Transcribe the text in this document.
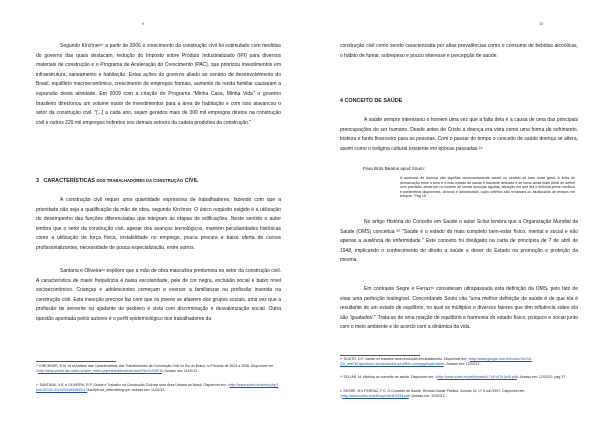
9

Segundo Kirchner²⁷ a partir de 2006 o crescimento da construção civil foi estimulado com medidas do governo das quais destacam, redução do Imposto sobre Produto Industrializado (IPI) para diversos materiais de construção e o Programa de Aceleração do Crescimento (PAC), que priorizou investimentos em infraestrutura, saneamento e habitação. Estas ações do governo aliado ao cenário de desenvolvimento do Brasil, equilíbrio macroeconômico, crescimento de empregos formais, aumento de renda familiar causaram a expansão desta atividade. Em 2009 com a criação do Programa "Minha Casa, Minha Vida" o governo brasileiro direcionou um volume maior de investimentos para a área de habitação e com isso alavancou o setor da construção civil. "[...] a cada ano, sejam gerados mais de 300 mil empregos diretos na construção civil e outros 229 mil empregos indiretos nos demais setores da cadeia produtiva da construção."

3 CARACTERÍSTICAS DOS TRABALHADORES DA CONSTRUÇÃO CIVIL

A construção civil requer uma quantidade expressiva de trabalhadores, fazendo com que a prioridade não seja a qualificação da mão de obra, segundo Kirchner. O único requisito exigido é a utilização do desempenho das funções diferenciadas que integram as etapas de edificações. Neste sentido o autor lembra que o setor da construção civil, apesar dos avanços tecnológicos, mantém peculiaridades históricas como a utilização de força física, instabilidade no emprego, pouca procura e baixa oferta de cursos profissionalizantes, necessidade de pouca especialização, entre outros.

Santana e Oliveira²⁸ expõem que a mão de obra masculina predomina no setor da construção civil. A característica de maior frequência é baixa escolaridade, pele de cor negra, exclusão social e baixo nível socioeconômico. Crianças e adolescentes começam a exercer a familiarizar na profissão inserida na construção civil. Esta inserção precoce faz com que os jovens se afastem dos grupos sociais, uma vez que a profissão de servente ou ajudante de pedreiro é vista com discriminação e desvalorização social. Outra questão apontada pelos autores é o perfil epidemiológico dos trabalhadores da

²⁷ KIRCHNER, R.M. et al Análise das Características dos Trabalhadores da Construção Civil no Sul do Brasil, no Período de 2003 a 2008. Disponível em: <http://www.portal.fae.unifra.br/seer_index.php/rebedub/article/view/File/3/26/875> Acesso em: 11/02/12.

²⁸ SANTANA, V.S; e OLIVEIRA, R.P. Saúde e Trabalho na Construção Civil em uma Área Urbana do Brasil. Disponível em: <http://www.scielo.br/scielo.php?pid=S0102-311X2004000300017&script=sci_arttext&tlng=pt> Acesso em: 11/02/12.

10

construção civil como sendo caracterizada por altas prevalências como o consumo de bebidas alcoólicas, o hábito de fumar, sobrepeso e pouco interesse e percepção de saúde.

4 CONCEITO DE SAÚDE

A saúde sempre interessou o homem uma vez que a falta dela é a causa de uma das principais preocupações do ser humano. Desde antes de Cristo a doença era vista como uma forma de sofrimento, tristeza e fardo financeiro para as pessoas. Com o passar do tempo o conceito de saúde doença se altera, assim como o estigma cultural existente em épocas passadas.²⁹

Para Brito Beatos apud Souto:

A ausência de doença não significa necessariamente saúde no sentido de bem estar geral. A linha de demarcação entre o bem e o mau estado de saúde é bastante delicada e se torna ainda mais difícil de definir com precisão, ainda ser no locante de certas doenças agudas, situação em que ela é definida pelos médicos e parâmetros disponíveis, clínicos e laboratoriais, cujos critérios são revisados ou atualizados de tempos em tempos.' Pág 15

No artigo História do Conceito em Saúde o autor Scliar lembra que a Organização Mundial da Saúde (OMS) conceitua ³⁰ "Saúde é o estado do mais completo bem-estar físico, mental e social e não apenas a ausência de enfermidade." Este conceito foi divulgado na carta de princípios de 7 de abril de 1948, implicando o conhecimento do direito a saúde e dever do Estado na promoção e proteção da mesma.

Em contraste Segre e Ferraz³¹ consideram ultrapassada esta definição da OMS, pelo fato de visar uma perfeição inatingível. Concordando Souto cita "uma melhor definição de saúde é de que ela é resultante de um estado de equilíbrio, no qual os múltiplos e diversos fatores que têm influência sobre ela são 'igualados'." Trata-se de uma relação de equilíbrio e harmonia do estado físico, psíquico e social junto com o meio ambiente e de acordo com a dinâmica da vida.

²⁹ SOUTO, D.F. Saúde no trabalho uma revolução em andamento. Disponível em: <http://www.google.com.br/books?id=D9-QA_hee7kC&printsec=frontcover&hl=pt-BR#v=onepage&q&f=false> Acesso em: 12/02/12.

³⁰ SCLIAR, M. História do conceito de saúde. Disponível em: <http://www.scielo.br/pdf/physis/v17n1/v17n1a06.pdf> Acesso em: 12/02/12. pág 37

³¹ SEGRE, M e FERRAZ, F.C. O Conceito de Saúde. Revista Saúde Pública. Volume 31, nº 5 out./1997. Disponível em: <http://www.scielo.br/pdf/rsp/v31n5/2334.pdf> Acesso em: 12/02/12.
